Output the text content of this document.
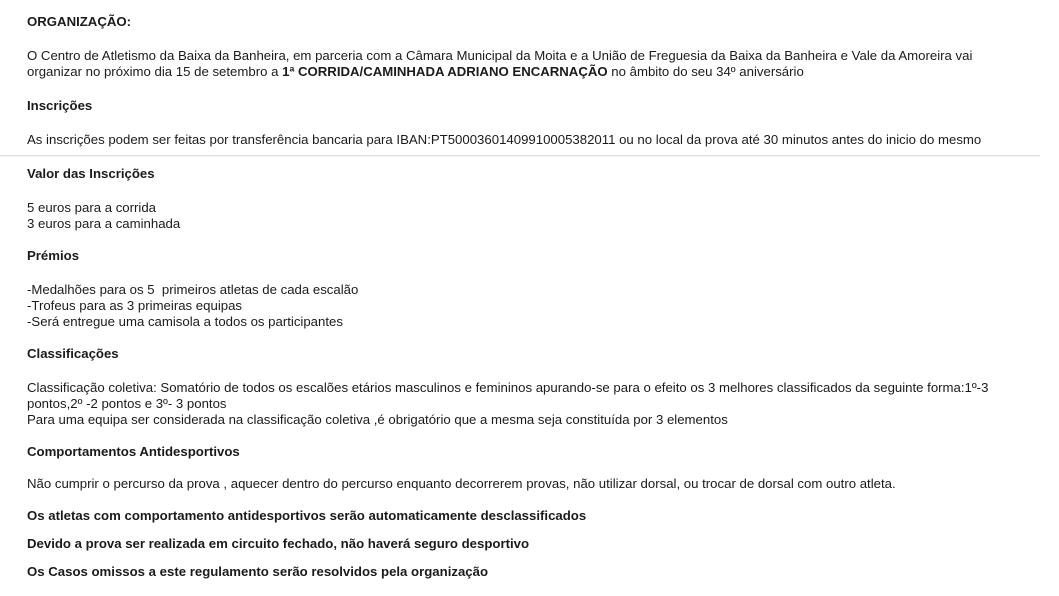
ORGANIZAÇÃO:
O Centro de Atletismo da Baixa da Banheira, em parceria com a Câmara Municipal da Moita e a União de Freguesia da Baixa da Banheira e Vale da Amoreira vai organizar no próximo dia 15 de setembro a 1ª CORRIDA/CAMINHADA ADRIANO ENCARNAÇÃO no âmbito do seu 34º aniversário
Inscrições
As inscrições podem ser feitas por transferência bancaria para IBAN:PT50003601409910005382011 ou no local da prova até 30 minutos antes do inicio do mesmo
Valor das Inscrições
5 euros para a corrida
3 euros para a caminhada
Prémios
-Medalhões para os 5  primeiros atletas de cada escalão
-Trofeus para as 3 primeiras equipas
-Será entregue uma camisola a todos os participantes
Classificações
Classificação coletiva: Somatório de todos os escalões etários masculinos e femininos apurando-se para o efeito os 3 melhores classificados da seguinte forma:1º-3 pontos,2º -2 pontos e 3º- 3 pontos
Para uma equipa ser considerada na classificação coletiva ,é obrigatório que a mesma seja constituída por 3 elementos
Comportamentos Antidesportivos
Não cumprir o percurso da prova , aquecer dentro do percurso enquanto decorrerem provas, não utilizar dorsal, ou trocar de dorsal com outro atleta.
Os atletas com comportamento antidesportivos serão automaticamente desclassificados
Devido a prova ser realizada em circuito fechado, não haverá seguro desportivo
Os Casos omissos a este regulamento serão resolvidos pela organização
